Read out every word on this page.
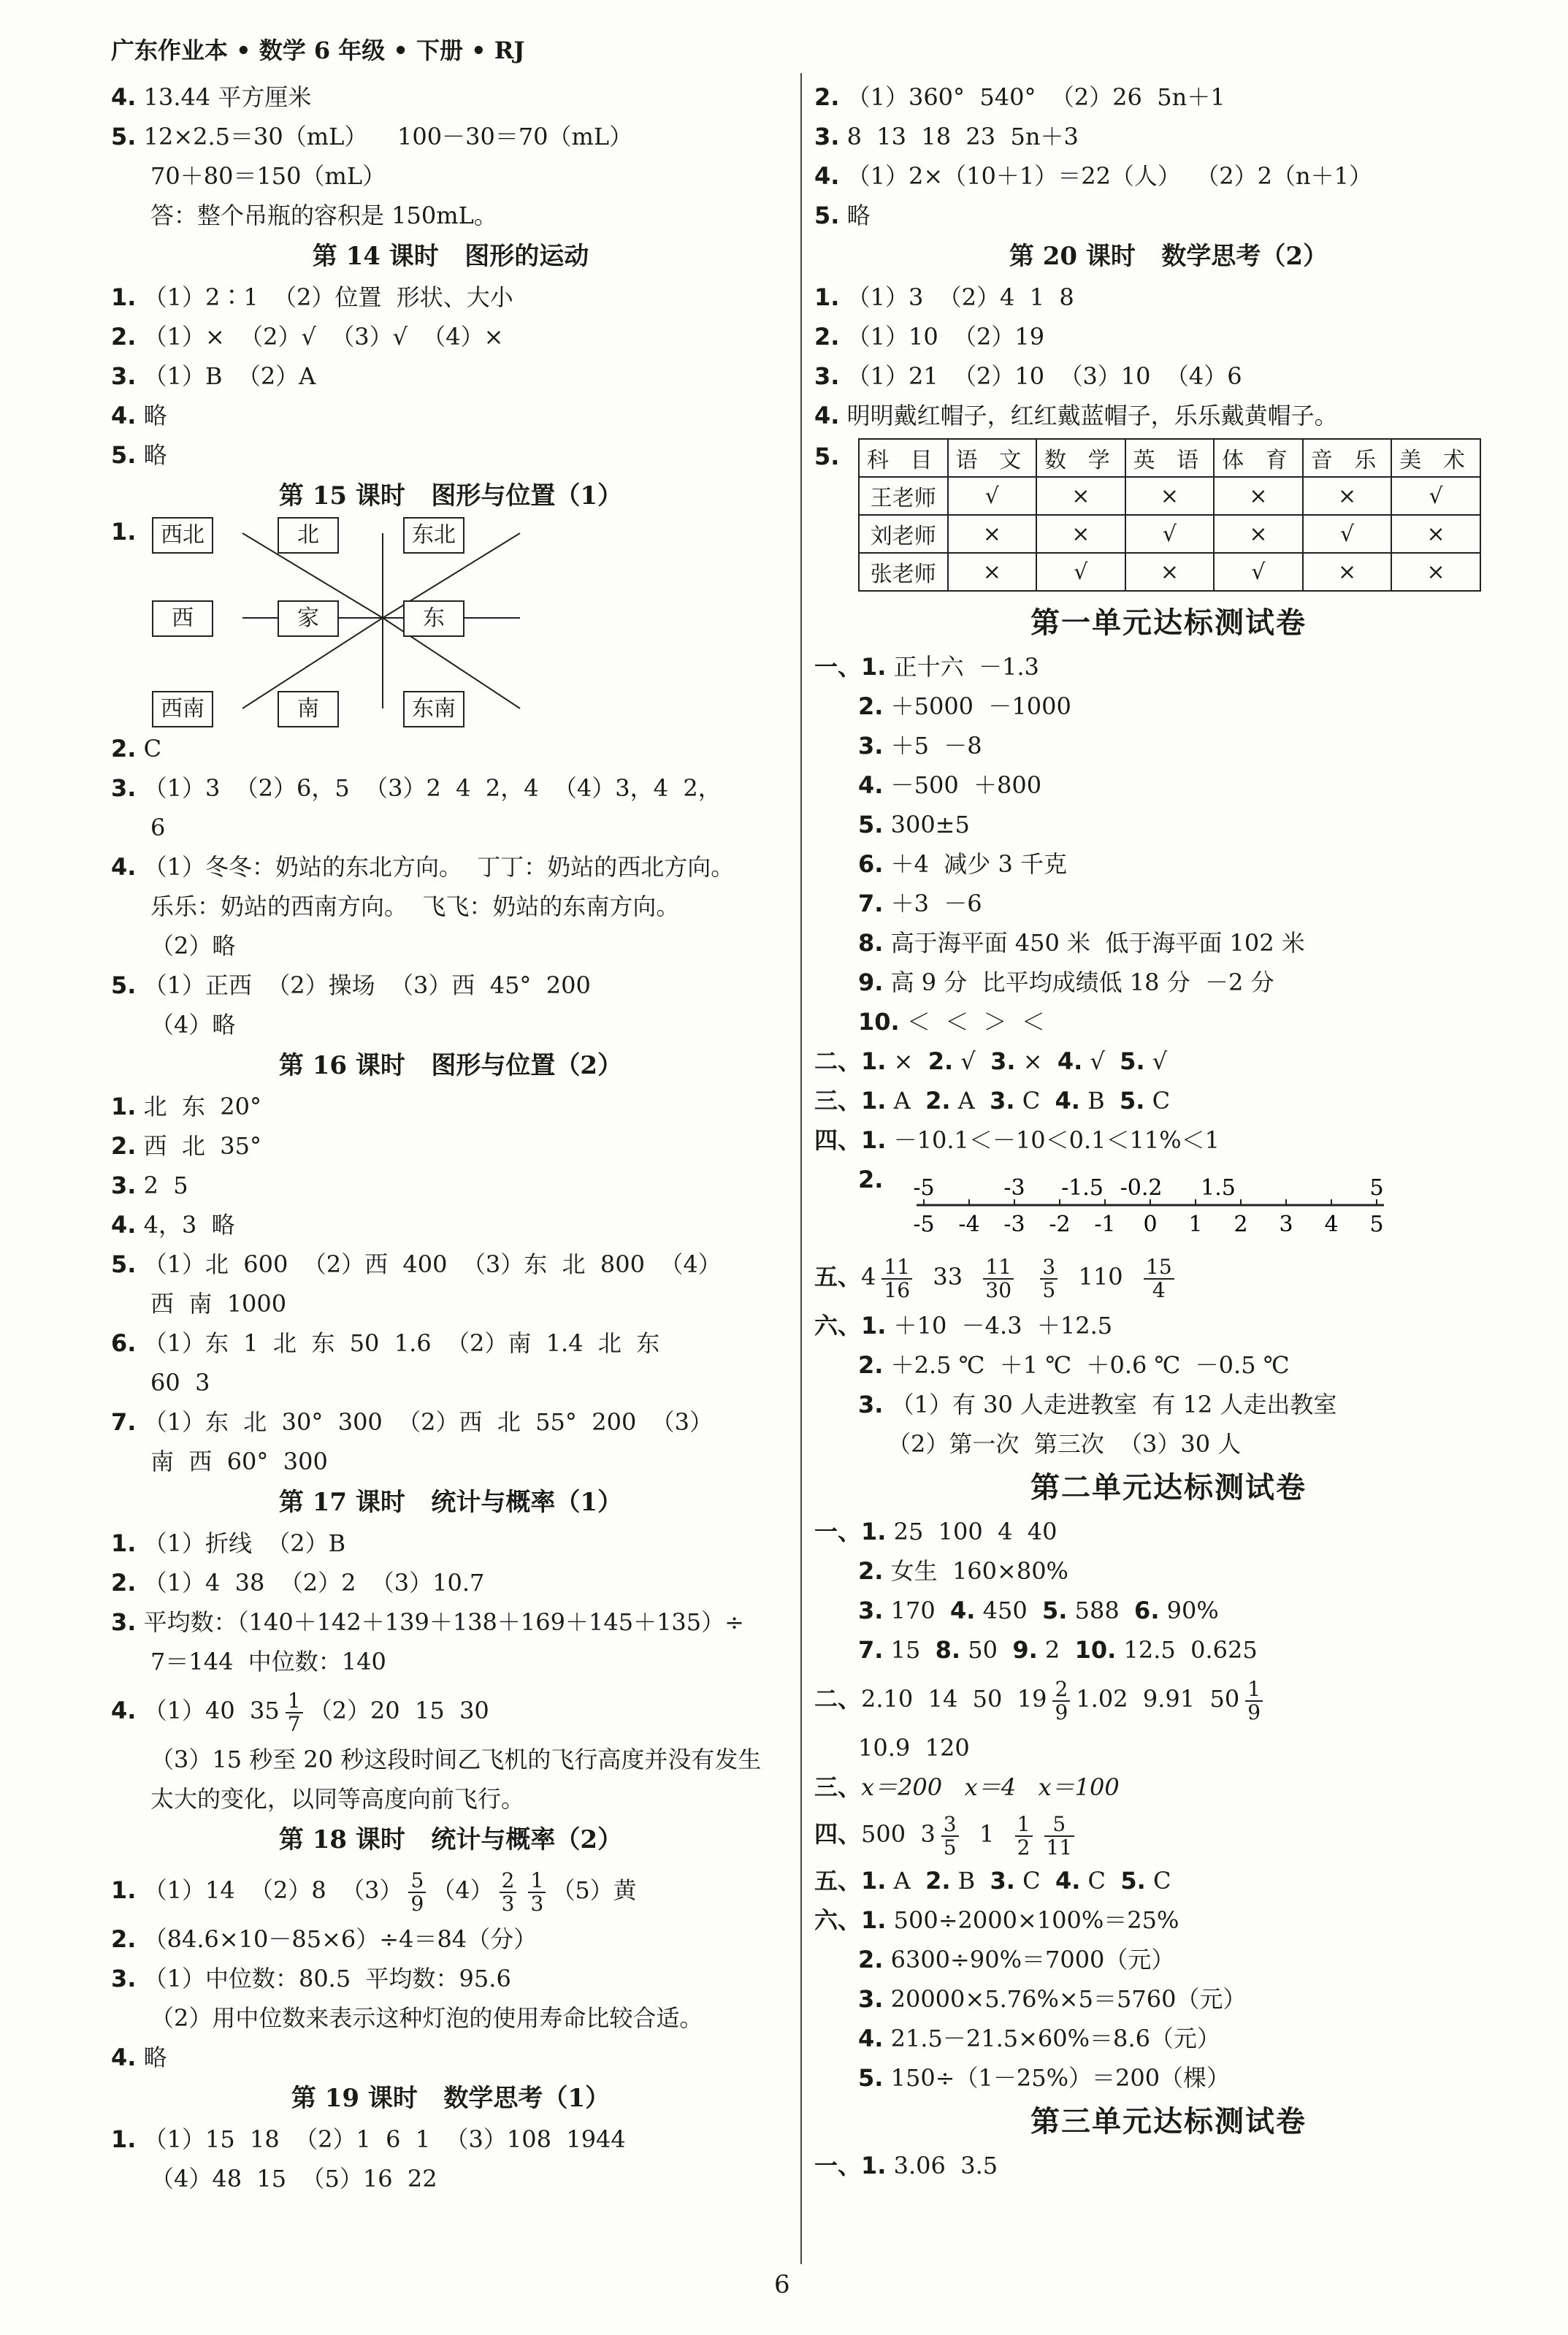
广东作业本 • 数学 6 年级 • 下册 • RJ
4. 13.44 平方厘米
5. 12×2.5＝30（mL）    100－30＝70（mL）
70＋80＝150（mL）
答：整个吊瓶的容积是 150mL。
第 14 课时   图形的运动
1. （1）2∶1  （2）位置  形状、大小
2. （1）×  （2）√  （3）√  （4）×
3. （1）B  （2）A
4. 略
5. 略
第 15 课时   图形与位置（1）
1.	西北	北	东北
西	家	东
西南	南	东南
2. C
3. （1）3  （2）6，5  （3）2  4  2，4  （4）3，4  2，
6
4. （1）冬冬：奶站的东北方向。  丁丁：奶站的西北方向。
乐乐：奶站的西南方向。  飞飞：奶站的东南方向。
（2）略
5. （1）正西  （2）操场  （3）西  45°  200
（4）略
第 16 课时   图形与位置（2）
1. 北  东  20°
2. 西  北  35°
3. 2  5
4. 4，3  略
5. （1）北  600  （2）西  400  （3）东  北  800  （4）
西  南  1000
6. （1）东  1  北  东  50  1.6  （2）南  1.4  北  东
60  3
7. （1）东  北  30°  300  （2）西  北  55°  200  （3）
南  西  60°  300
第 17 课时   统计与概率（1）
1. （1）折线  （2）B
2. （1）4  38  （2）2  （3）10.7
3. 平均数：（140＋142＋139＋138＋169＋145＋135）÷
7＝144  中位数：140
4. （1）40  $35 \frac{1}{7} (2)20$  15  30
（3）15 秒至 20 秒这段时间乙飞机的飞行高度并没有发生
太大的变化，以同等高度向前飞行。
第 18 课时   统计与概率（2）
1. （1）14  （2）8  $(3) \frac{5}{9} (4) \frac{2}{3} \frac{1}{3} (5)$黄
2. （84.6×10－85×6）÷4＝84（分）
3. （1）中位数：80.5  平均数：95.6
（2）用中位数来表示这种灯泡的使用寿命比较合适。
4. 略
第 19 课时   数学思考（1）
1. （1）15  18  （2）1  6  1  （3）108  1944
（4）48  15  （5）16  22
2. （1）360°  540°  （2）26  5n＋1
3. 8  13  18  23  5n＋3
4. （1）2×（10＋1）＝22（人）  （2）2（n＋1）
5. 略
第 20 课时   数学思考（2）
1. （1）3  （2）4  1  8
2. （1）10  （2）19
3. （1）21  （2）10  （3）10  （4）6
4. 明明戴红帽子，红红戴蓝帽子，乐乐戴黄帽子。
5. 科 目	语 文	数 学	英 语	体 育	音 乐	美 术
王老师	√	×	×	×	×	√
刘老师	×	×	√	×	√	×
张老师	×	√	×	√	×	×
第一单元达标测试卷
一、1. 正十六  －1.3
2. ＋5000  －1000
3. ＋5  －8
4. －500  ＋800
5. 300±5
6. ＋4  减少 3 千克
7. ＋3  －6
8. 高于海平面 450 米  低于海平面 102 米
9. 高 9 分  比平均成绩低 18 分  －2 分
10. ＜  ＜  ＞  ＜
二、1. × 2. √ 3. × 4. √ 5. √
三、1. A 2. A 3. C 4. B 5. C
四、1. －10.1＜－10＜0.1＜11%＜1
2.
-5 -4 -3 -2 -1 0 1 2 3 4 5
-5	-3 -1.5 -0.2 1.5	5
五、$4 \frac{11}{16} 33 \frac{11}{30}$
$\frac{3}{5} 110 \frac{15}{4}$
六、1. ＋10  －4.3  ＋12.5
2. ＋2.5 ℃  ＋1 ℃  ＋0.6 ℃  －0.5 ℃
3. （1）有 30 人走进教室  有 12 人走出教室
（2）第一次  第三次  （3）30 人
第二单元达标测试卷
一、1. 25  100  4  40
2. 女生  160×80%
3. 170 4. 450 5. 588 6. 90%
7. 15 8. 50 9. 2 10. 12.5  0.625
二、2.10  14  50  $19 \frac{2}{9} 1.02$  9.91  $50 \frac{1}{9}$
10.9  120
三、x＝200   x＝4   x＝100
四、500  $3 \frac{3}{5} 1 \frac{1}{2} \frac{5}{11}$
五、1. A 2. B 3. C 4. C 5. C
六、1. 500÷2000×100%＝25%
2. 6300÷90%＝7000（元）
3. 20000×5.76%×5＝5760（元）
4. 21.5－21.5×60%＝8.6（元）
5. 150÷（1－25%）＝200（棵）
第三单元达标测试卷
一、1. 3.06  3.5
6
